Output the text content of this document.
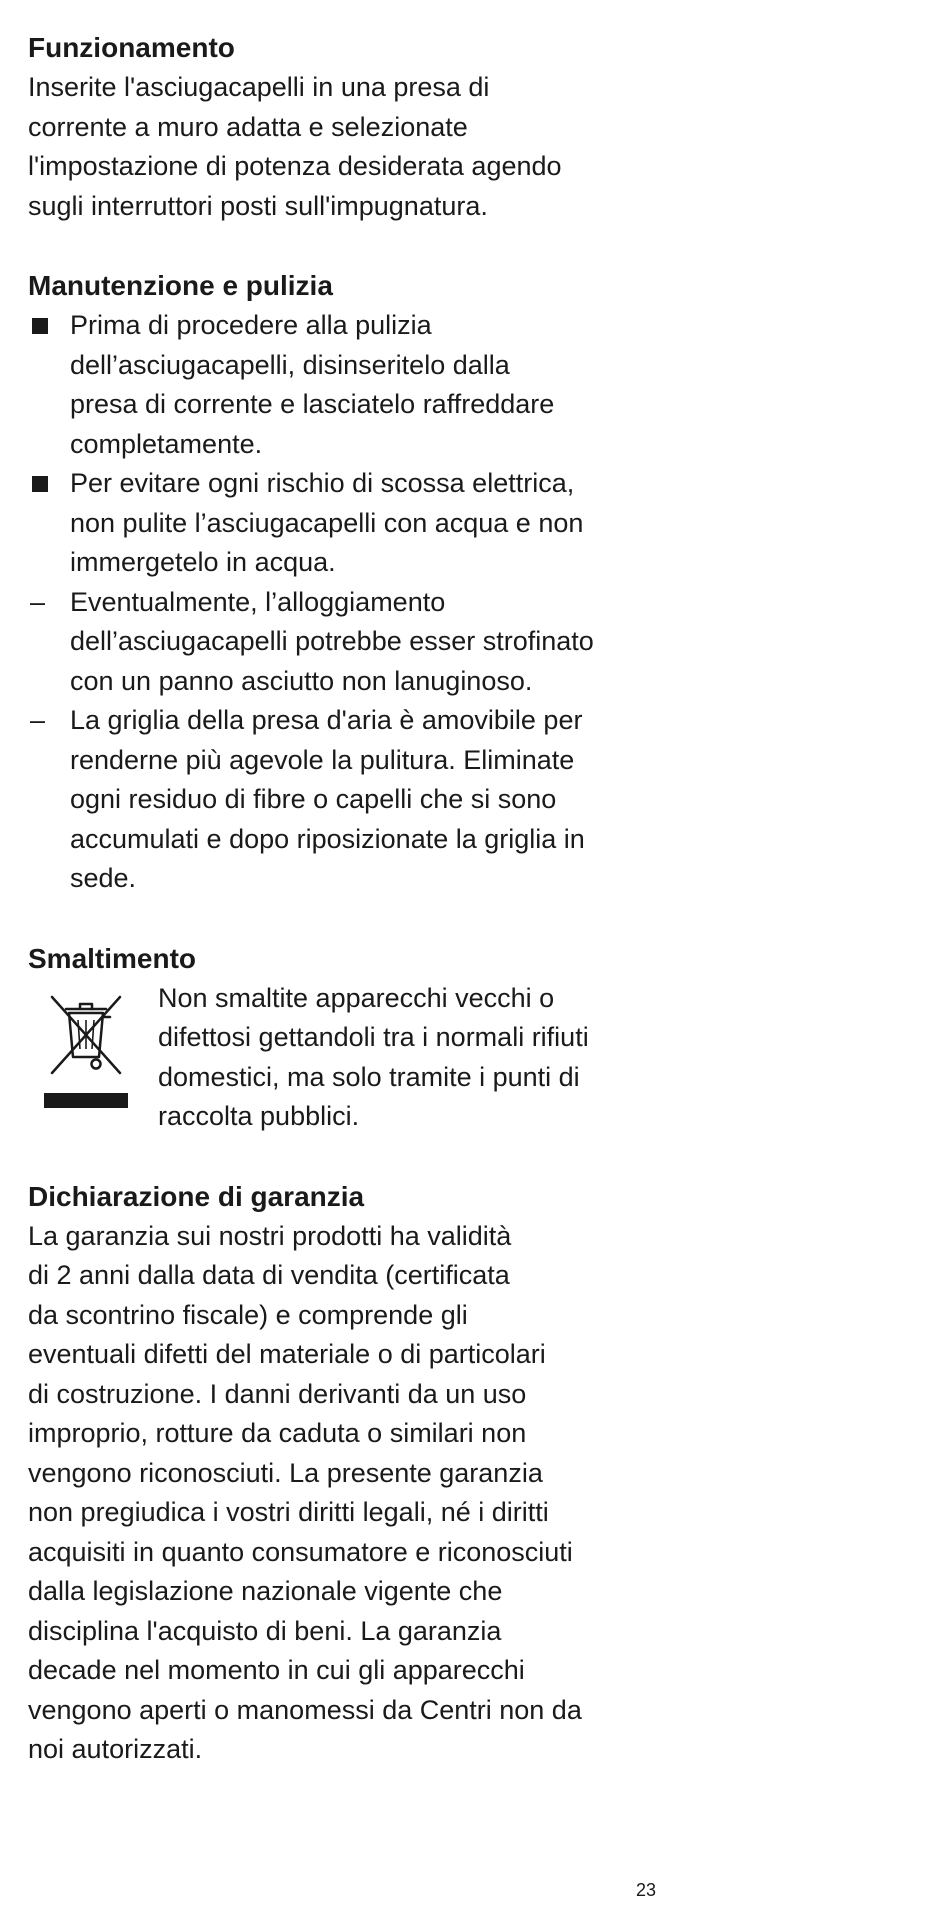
Funzionamento

Inserite l'asciugacapelli in una presa di
corrente a muro adatta e selezionate
l'impostazione di potenza desiderata agendo
sugli interruttori posti sull'impugnatura.

Manutenzione e pulizia
Prima di procedere alla pulizia
dell’asciugacapelli, disinseritelo dalla
presa di corrente e lasciatelo raffreddare
completamente.
Per evitare ogni rischio di scossa elettrica,
non pulite l’asciugacapelli con acqua e non
immergetelo in acqua.
– Eventualmente, l’alloggiamento
dell’asciugacapelli potrebbe esser strofinato
con un panno asciutto non lanuginoso.
– La griglia della presa d'aria è amovibile per
renderne più agevole la pulitura. Eliminate
ogni residuo di fibre o capelli che si sono
accumulati e dopo riposizionate la griglia in
sede.
Smaltimento
Non smaltite apparecchi vecchi o
difettosi gettandoli tra i normali rifiuti
domestici, ma solo tramite i punti di
raccolta pubblici.
Dichiarazione di garanzia

La garanzia sui nostri prodotti ha validità
di 2 anni dalla data di vendita (certificata
da scontrino fiscale) e comprende gli
eventuali difetti del materiale o di particolari
di costruzione. I danni derivanti da un uso
improprio, rotture da caduta o similari non
vengono riconosciuti. La presente garanzia
non pregiudica i vostri diritti legali, né i diritti
acquisiti in quanto consumatore e riconosciuti
dalla legislazione nazionale vigente che
disciplina l'acquisto di beni. La garanzia
decade nel momento in cui gli apparecchi
vengono aperti o manomessi da Centri non da
noi autorizzati.

23
